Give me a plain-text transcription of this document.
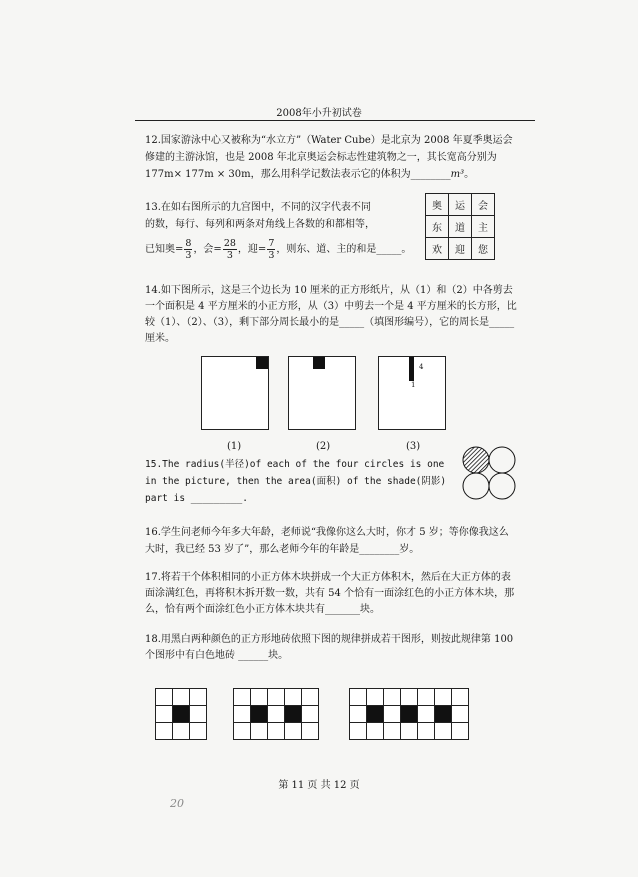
2008年小升初试卷
12.国家游泳中心又被称为“水立方”（Water Cube）是北京为 2008 年夏季奥运会
修建的主游泳馆，也是 2008 年北京奥运会标志性建筑物之一，其长宽高分别为
177m× 177m × 30m，那么用科学记数法表示它的体积为________m³。
13.在如右图所示的九宫图中，不同的汉字代表不同
的数，每行、每列和两条对角线上各数的和都相等，
已知奥= $\frac{8}{3}$ ，会= $\frac{28}{3}$ ，迎= $\frac{7}{3}$ ，则东、道、主的和是_____。
奥	运	会
东	道	主
欢	迎	您
14.如下图所示，这是三个边长为 10 厘米的正方形纸片，从（1）和（2）中各剪去
一个面积是 4 平方厘米的小正方形，从（3）中剪去一个是 4 平方厘米的长方形，比
较（1）、（2）、（3），剩下部分周长最小的是_____（填图形编号），它的周长是_____
厘米。
4
1
(1)	(2)	(3)
15.The radius(半径)of each of the four circles is one
in the picture, then the area(面积) of the shade(阴影)
part is _________.
16.学生问老师今年多大年龄，老师说“我像你这么大时，你才 5 岁；等你像我这么
大时，我已经 53 岁了”，那么老师今年的年龄是________岁。
17.将若干个体积相同的小正方体木块拼成一个大正方体积木，然后在大正方体的表
面涂满红色，再将积木拆开数一数，共有 54 个恰有一面涂红色的小正方体木块，那
么，恰有两个面涂红色小正方体木块共有_______块。
18.用黑白两种颜色的正方形地砖依照下图的规律拼成若干图形，则按此规律第 100
个图形中有白色地砖 ______块。

第 11 页 共 12 页
20
